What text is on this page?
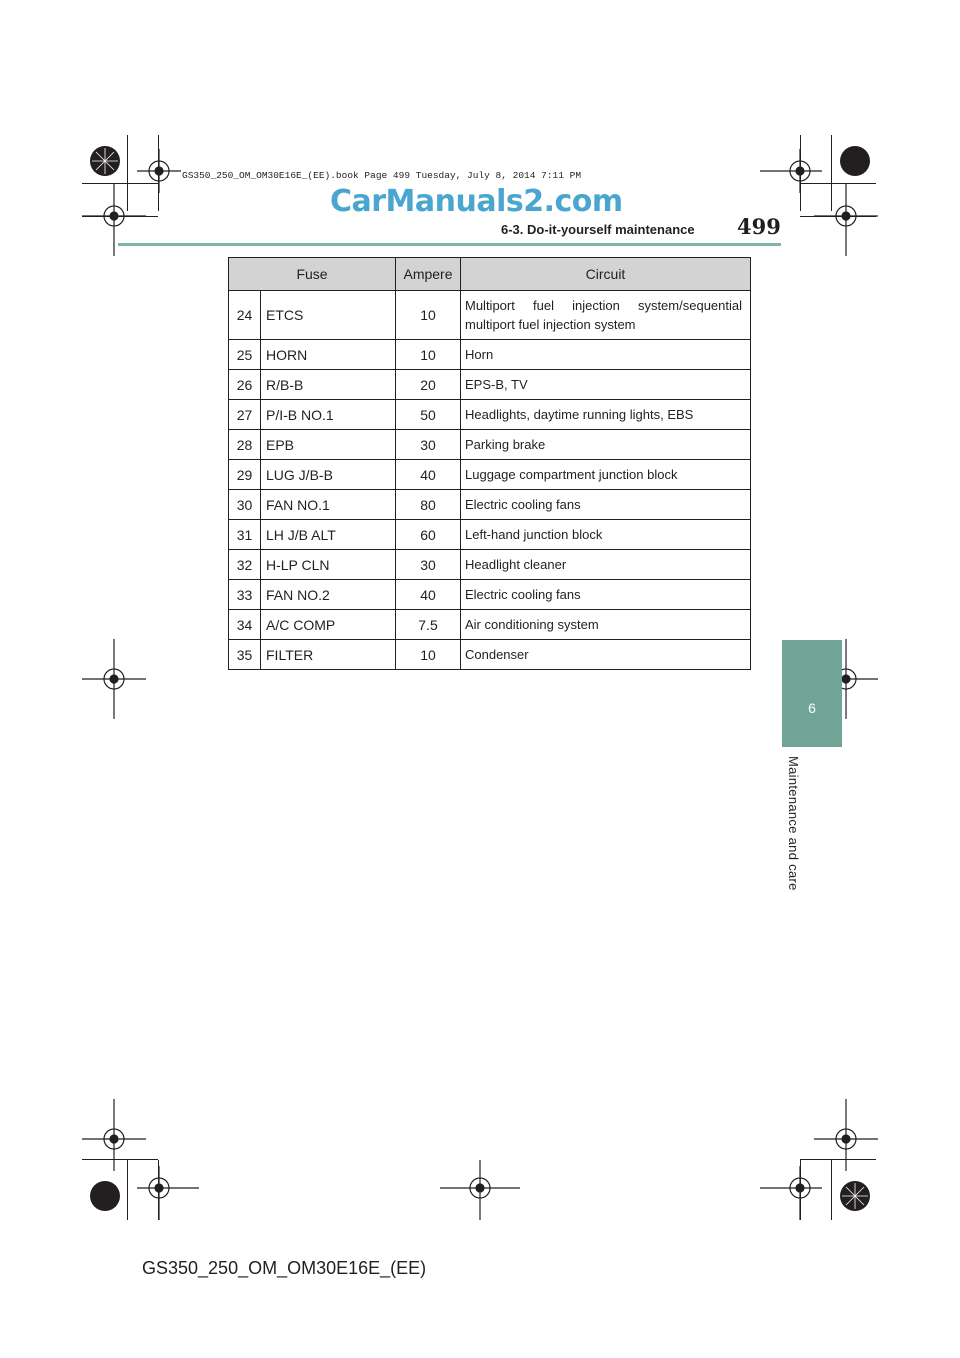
GS350_250_OM_OM30E16E_(EE).book Page 499 Tuesday, July 8, 2014 7:11 PM
CarManuals2.com
6-3. Do-it-yourself maintenance 499
6
Maintenance and care
Fuse		Ampere	Circuit
24	ETCS	10	Multiport fuel injection system/sequential multiport fuel injection system
25	HORN	10	Horn
26	R/B-B	20	EPS-B, TV
27	P/I-B NO.1	50	Headlights, daytime running lights, EBS
28	EPB	30	Parking brake
29	LUG J/B-B	40	Luggage compartment junction block
30	FAN NO.1	80	Electric cooling fans
31	LH J/B ALT	60	Left-hand junction block
32	H-LP CLN	30	Headlight cleaner
33	FAN NO.2	40	Electric cooling fans
34	A/C COMP	7.5	Air conditioning system
35	FILTER	10	Condenser
GS350_250_OM_OM30E16E_(EE)
